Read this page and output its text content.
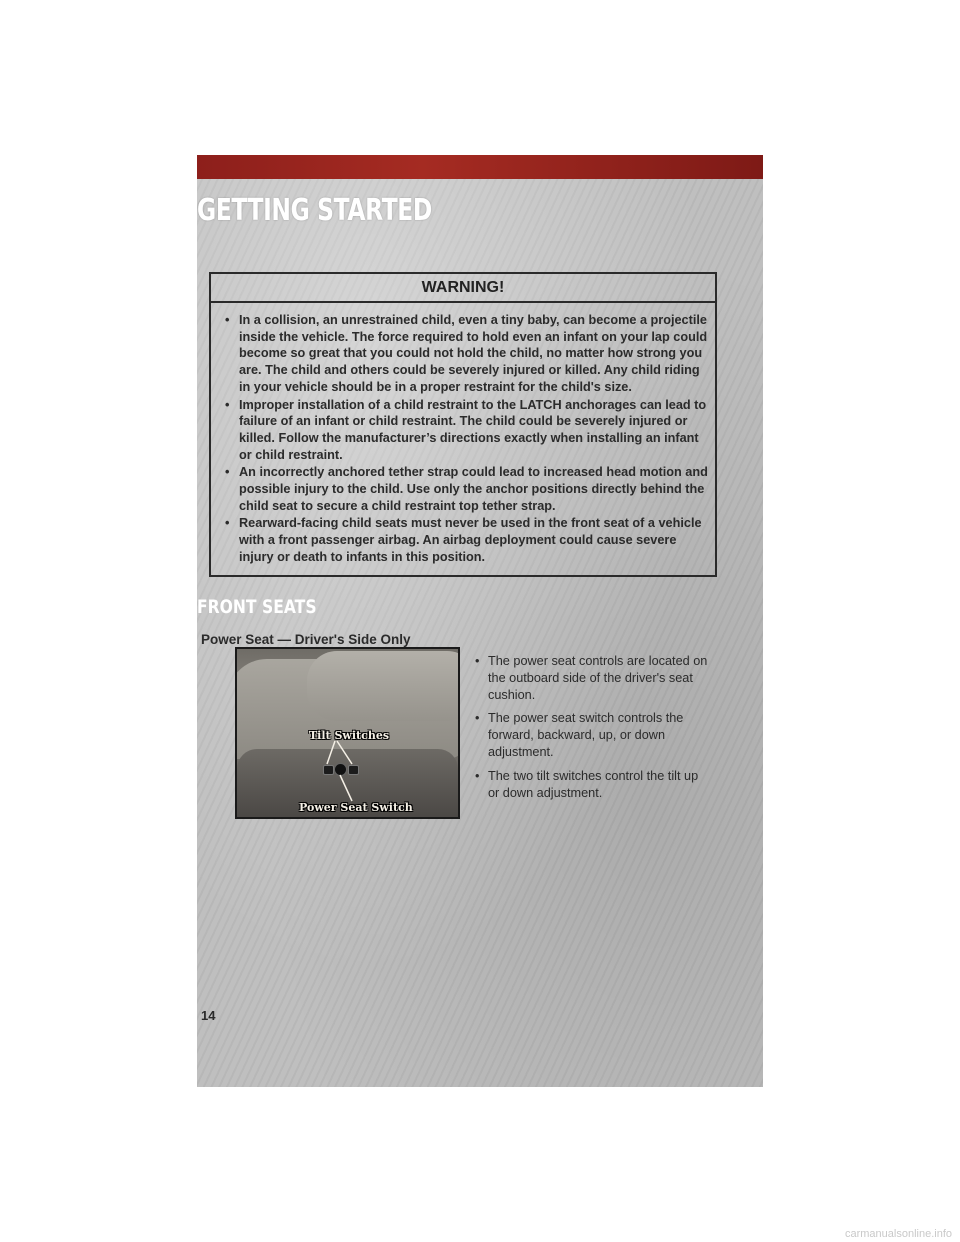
GETTING STARTED
WARNING!
• In a collision, an unrestrained child, even a tiny baby, can become a projectile inside the vehicle. The force required to hold even an infant on your lap could become so great that you could not hold the child, no matter how strong you are. The child and others could be severely injured or killed. Any child riding in your vehicle should be in a proper restraint for the child's size.
• Improper installation of a child restraint to the LATCH anchorages can lead to failure of an infant or child restraint. The child could be severely injured or killed. Follow the manufacturer’s directions exactly when installing an infant or child restraint.
• An incorrectly anchored tether strap could lead to increased head motion and possible injury to the child. Use only the anchor positions directly behind the child seat to secure a child restraint top tether strap.
• Rearward-facing child seats must never be used in the front seat of a vehicle with a front passenger airbag. An airbag deployment could cause severe injury or death to infants in this position.
FRONT SEATS
Power Seat — Driver's Side Only
Tilt Switches
Power Seat Switch
• The power seat controls are located on the outboard side of the driver's seat cushion.
• The power seat switch controls the forward, backward, up, or down adjustment.
• The two tilt switches control the tilt up or down adjustment.
14
carmanualsonline.info
